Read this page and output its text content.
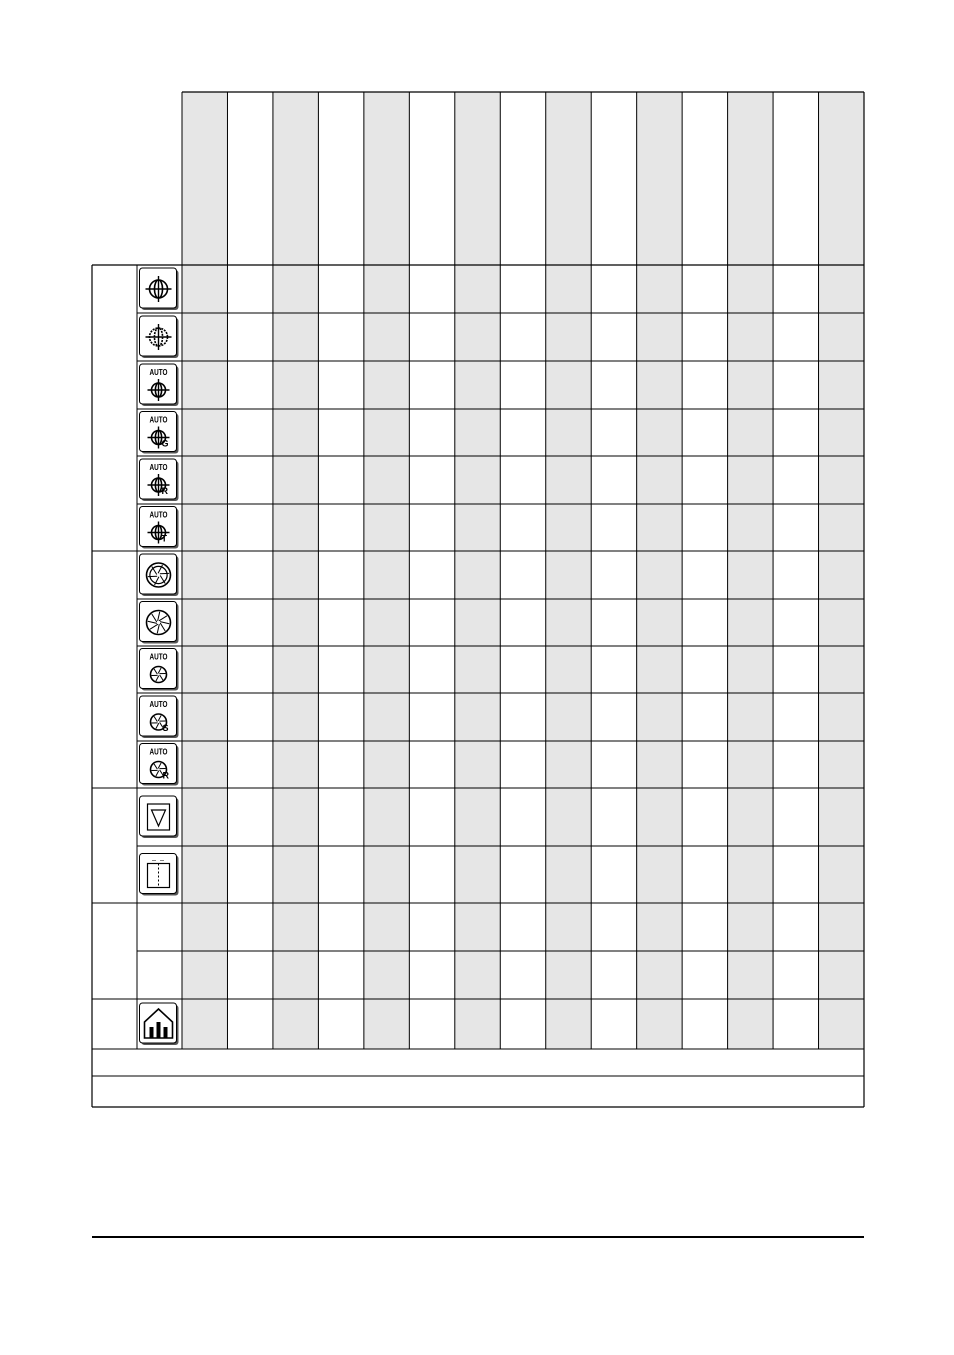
AUTO
AUTO
G
AUTO
R
AUTO
T
AUTO
AUTO
S
AUTO
R
